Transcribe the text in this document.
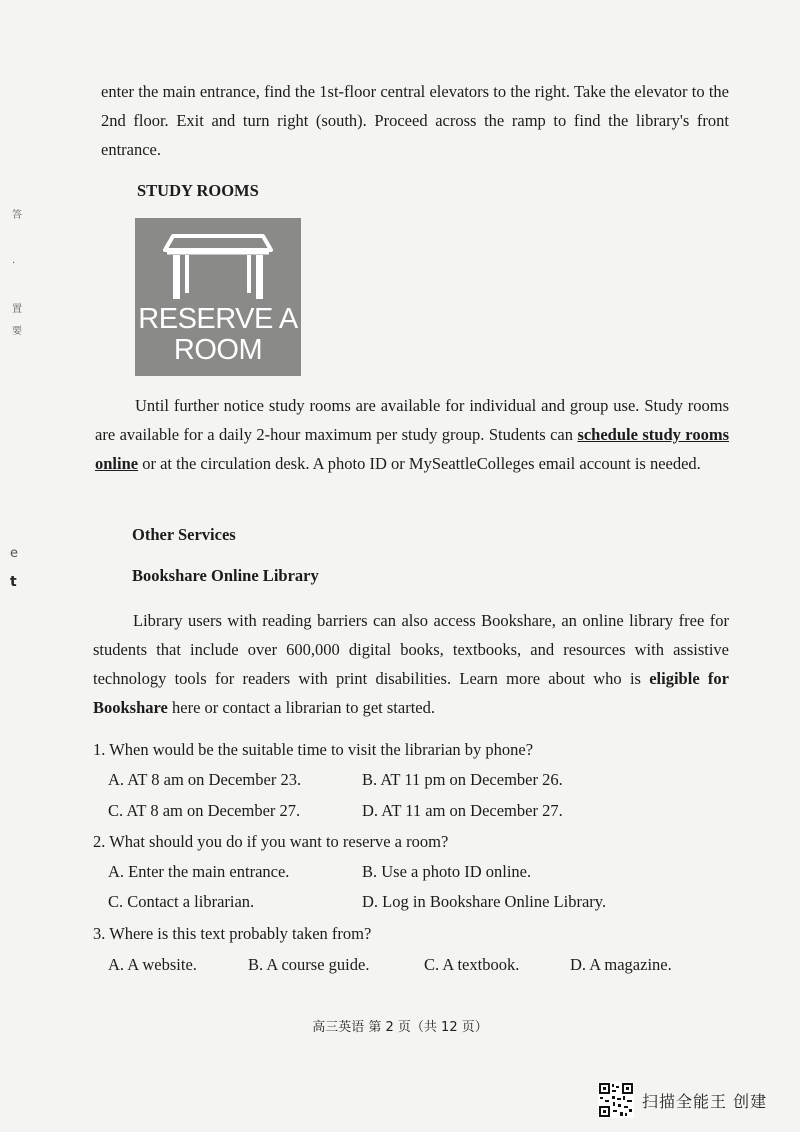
答
·
置
要
e
t

enter the main entrance, find the 1st-floor central elevators to the right. Take the elevator to the 2nd floor. Exit and turn right (south). Proceed across the ramp to find the library's front entrance.

STUDY ROOMS
RESERVE A
ROOM

Until further notice study rooms are available for individual and group use. Study rooms are available for a daily 2-hour maximum per study group. Students can schedule study rooms online or at the circulation desk. A photo ID or MySeattleColleges email account is needed.

Other Services
Bookshare Online Library

Library users with reading barriers can also access Bookshare, an online library free for students that include over 600,000 digital books, textbooks, and resources with assistive technology tools for readers with print disabilities. Learn more about who is eligible for Bookshare here or contact a librarian to get started.

1. When would be the suitable time to visit the librarian by phone?

A. AT 8 am on December 23.	B. AT 11 pm on December 26.

C. AT 8 am on December 27.	D. AT 11 am on December 27.

2. What should you do if you want to reserve a room?

A. Enter the main entrance.	B. Use a photo ID online.

C. Contact a librarian.	D. Log in Bookshare Online Library.

3. Where is this text probably taken from?

A. A website.	B. A course guide.	C. A textbook.	D. A magazine.

高三英语 第 2 页（共 12 页）
扫描全能王 创建
